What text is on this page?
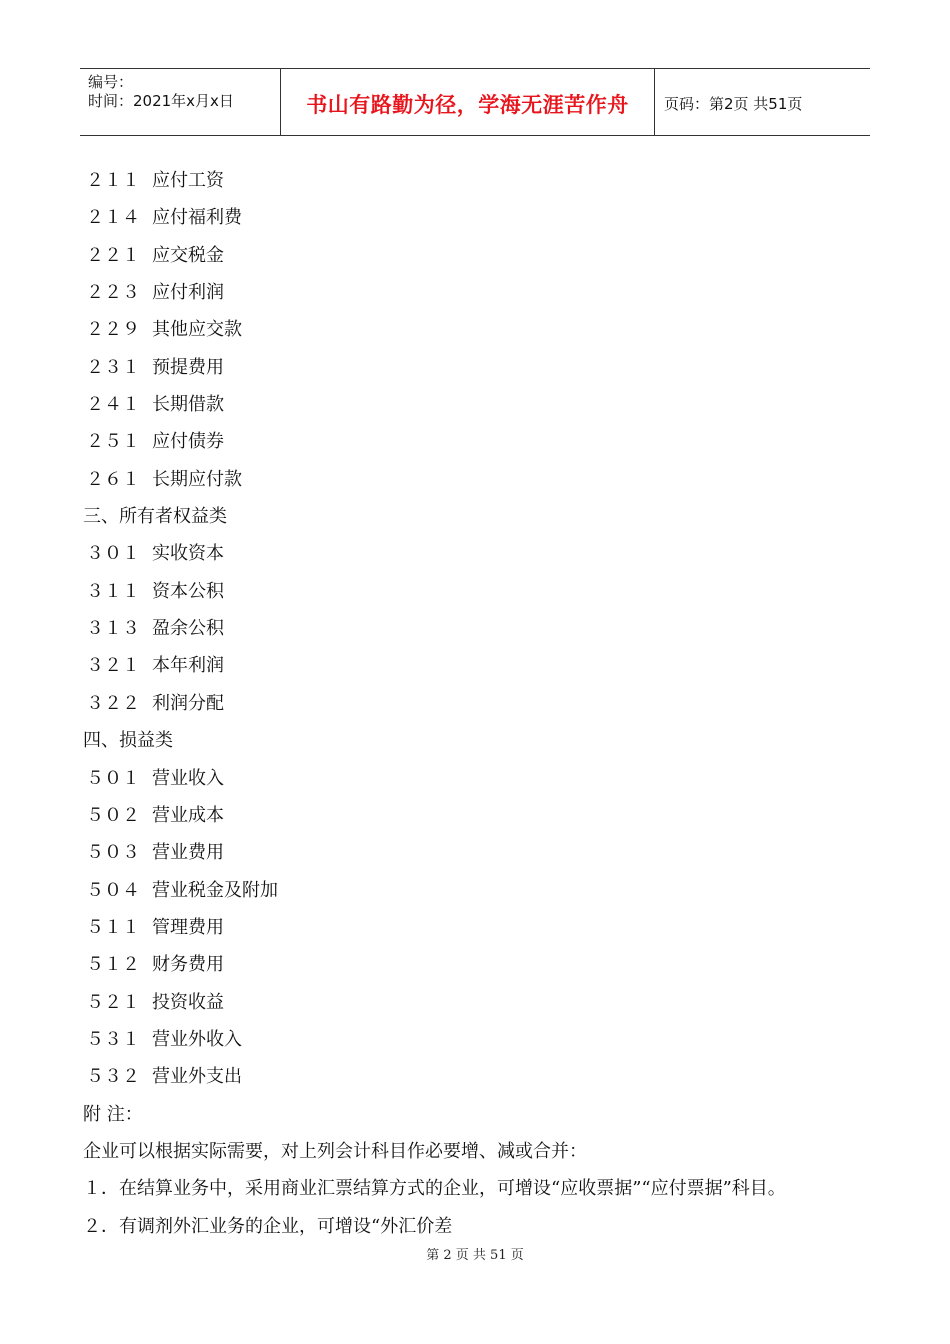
编号：
时间：2021年x月x日	书山有路勤为径，学海无涯苦作舟 页码：第2页 共51页
２１１ 应付工资
２１４ 应付福利费
２２１ 应交税金
２２３ 应付利润
２２９ 其他应交款
２３１ 预提费用
２４１ 长期借款
２５１ 应付债券
２６１ 长期应付款
三、所有者权益类
３０１ 实收资本
３１１ 资本公积
３１３ 盈余公积
３２１ 本年利润
３２２ 利润分配
四、损益类
５０１ 营业收入
５０２ 营业成本
５０３ 营业费用
５０４ 营业税金及附加
５１１ 管理费用
５１２ 财务费用
５２１ 投资收益
５３１ 营业外收入
５３２ 营业外支出
附 注：
企业可以根据实际需要，对上列会计科目作必要增、减或合并：
１．在结算业务中，采用商业汇票结算方式的企业，可增设“应收票据”“应付票据”科目。
２．有调剂外汇业务的企业，可增设“外汇价差
第 2 页 共 51 页
